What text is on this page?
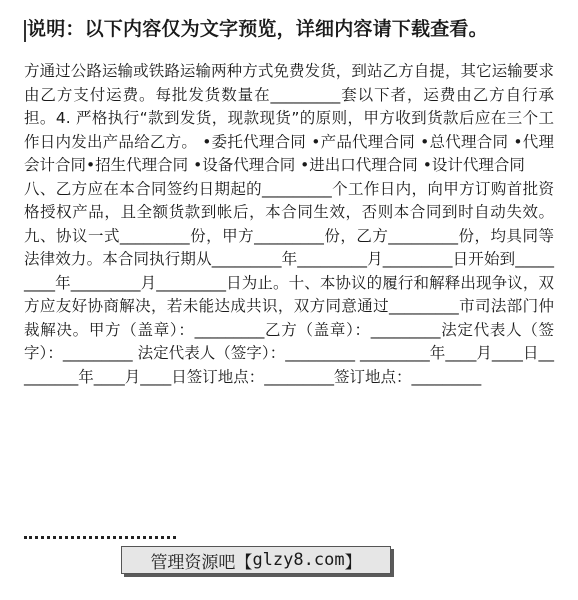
说明：以下内容仅为文字预览，详细内容请下载查看。

方通过公路运输或铁路运输两种方式免费发货，到站乙方自提，其它运输要求由乙方支付运费。每批发货数量在_________套以下者，运费由乙方自行承担。4. 严格执行“款到发货，现款现货”的原则，甲方收到货款后应在三个工作日内发出产品给乙方。 •委托代理合同 •产品代理合同 •总代理合同 •代理会计合同•招生代理合同 •设备代理合同 •进出口代理合同 •设计代理合同

八、乙方应在本合同签约日期起的_________个工作日内，向甲方订购首批资格授权产品，且全额货款到帐后，本合同生效，否则本合同到时自动失效。九、协议一式_________份，甲方_________份，乙方_________份，均具同等法律效力。本合同执行期从_________年_________月_________日开始到_________年_________月_________日为止。十、本协议的履行和解释出现争议，双方应友好协商解决，若未能达成共识，双方同意通过_________市司法部门仲裁解决。甲方（盖章）：_________乙方（盖章）：_________法定代表人（签字）：_________ 法定代表人（签字）：_________ _________年____月____日_________年____月____日签订地点：_________签订地点：_________

管理资源吧【 glzy8.com 】
